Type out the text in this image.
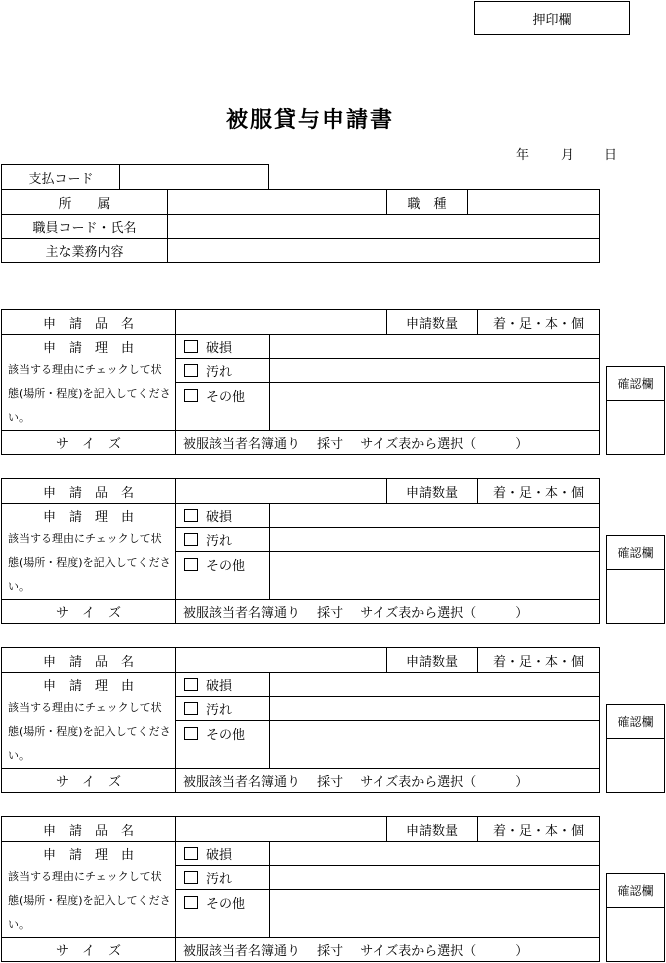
押印欄
被服貸与申請書
年 月 日
支払コード
所　　属	職　種
職員コード・氏名
主な業務内容
申　請　品　名	申請数量	着・足・本・個
申　請　理　由
該当する理由にチェックして状
態(場所・程度)を記入してくださ
い。
破損
汚れ
その他
サ　イ　ズ	被服該当者名簿通り　 採寸　 サイズ表から選択（　　　）
確認欄
申　請　品　名	申請数量	着・足・本・個
申　請　理　由
該当する理由にチェックして状
態(場所・程度)を記入してくださ
い。
破損
汚れ
その他
サ　イ　ズ	被服該当者名簿通り　 採寸　 サイズ表から選択（　　　）
確認欄
申　請　品　名	申請数量	着・足・本・個
申　請　理　由
該当する理由にチェックして状
態(場所・程度)を記入してくださ
い。
破損
汚れ
その他
サ　イ　ズ	被服該当者名簿通り　 採寸　 サイズ表から選択（　　　）
確認欄
申　請　品　名	申請数量	着・足・本・個
申　請　理　由
該当する理由にチェックして状
態(場所・程度)を記入してくださ
い。
破損
汚れ
その他
サ　イ　ズ	被服該当者名簿通り　 採寸　 サイズ表から選択（　　　）
確認欄
